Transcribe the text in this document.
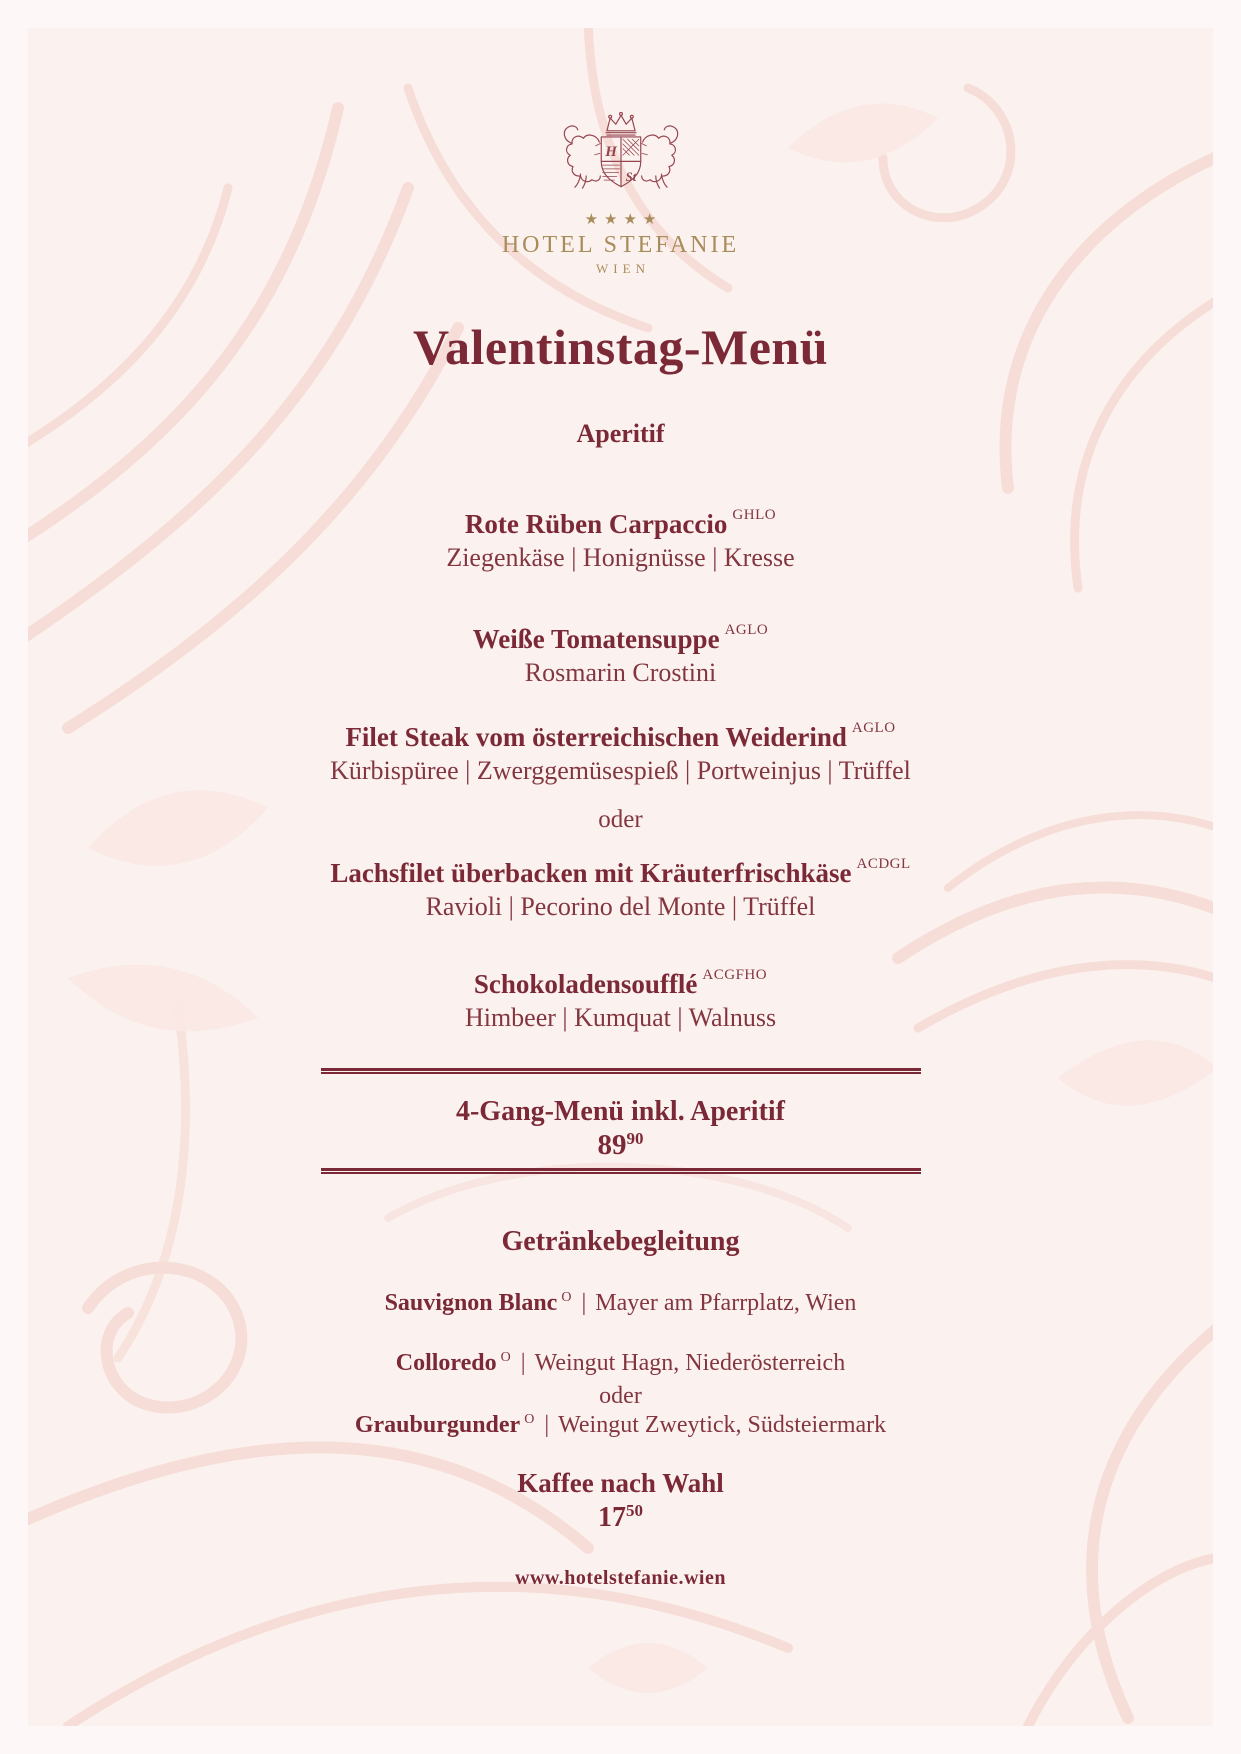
H
St
★★★★
HOTEL STEFANIE
WIEN
Valentinstag-Menü
Aperitif
Rote Rüben Carpaccio $^{GHLO}$
Ziegenkäse | Honignüsse | Kresse
Weiße Tomatensuppe $^{AGLO}$
Rosmarin Crostini
Filet Steak vom österreichischen Weiderind $^{AGLO}$
Kürbispüree | Zwerggemüsespieß | Portweinjus | Trüffel
oder
Lachsfilet überbacken mit Kräuterfrischkäse $^{ACDGL}$
Ravioli | Pecorino del Monte | Trüffel
Schokoladensoufflé $^{ACGFHO}$
Himbeer | Kumquat | Walnuss
4-Gang-Menü inkl. Aperitif
$89^{90}$
Getränkebegleitung
Sauvignon Blanc $^O$ | Mayer am Pfarrplatz, Wien
Colloredo $^O$ | Weingut Hagn, Niederösterreich
oder
Grauburgunder $^O$ | Weingut Zweytick, Südsteiermark
Kaffee nach Wahl
$17^{50}$
www.hotelstefanie.wien
